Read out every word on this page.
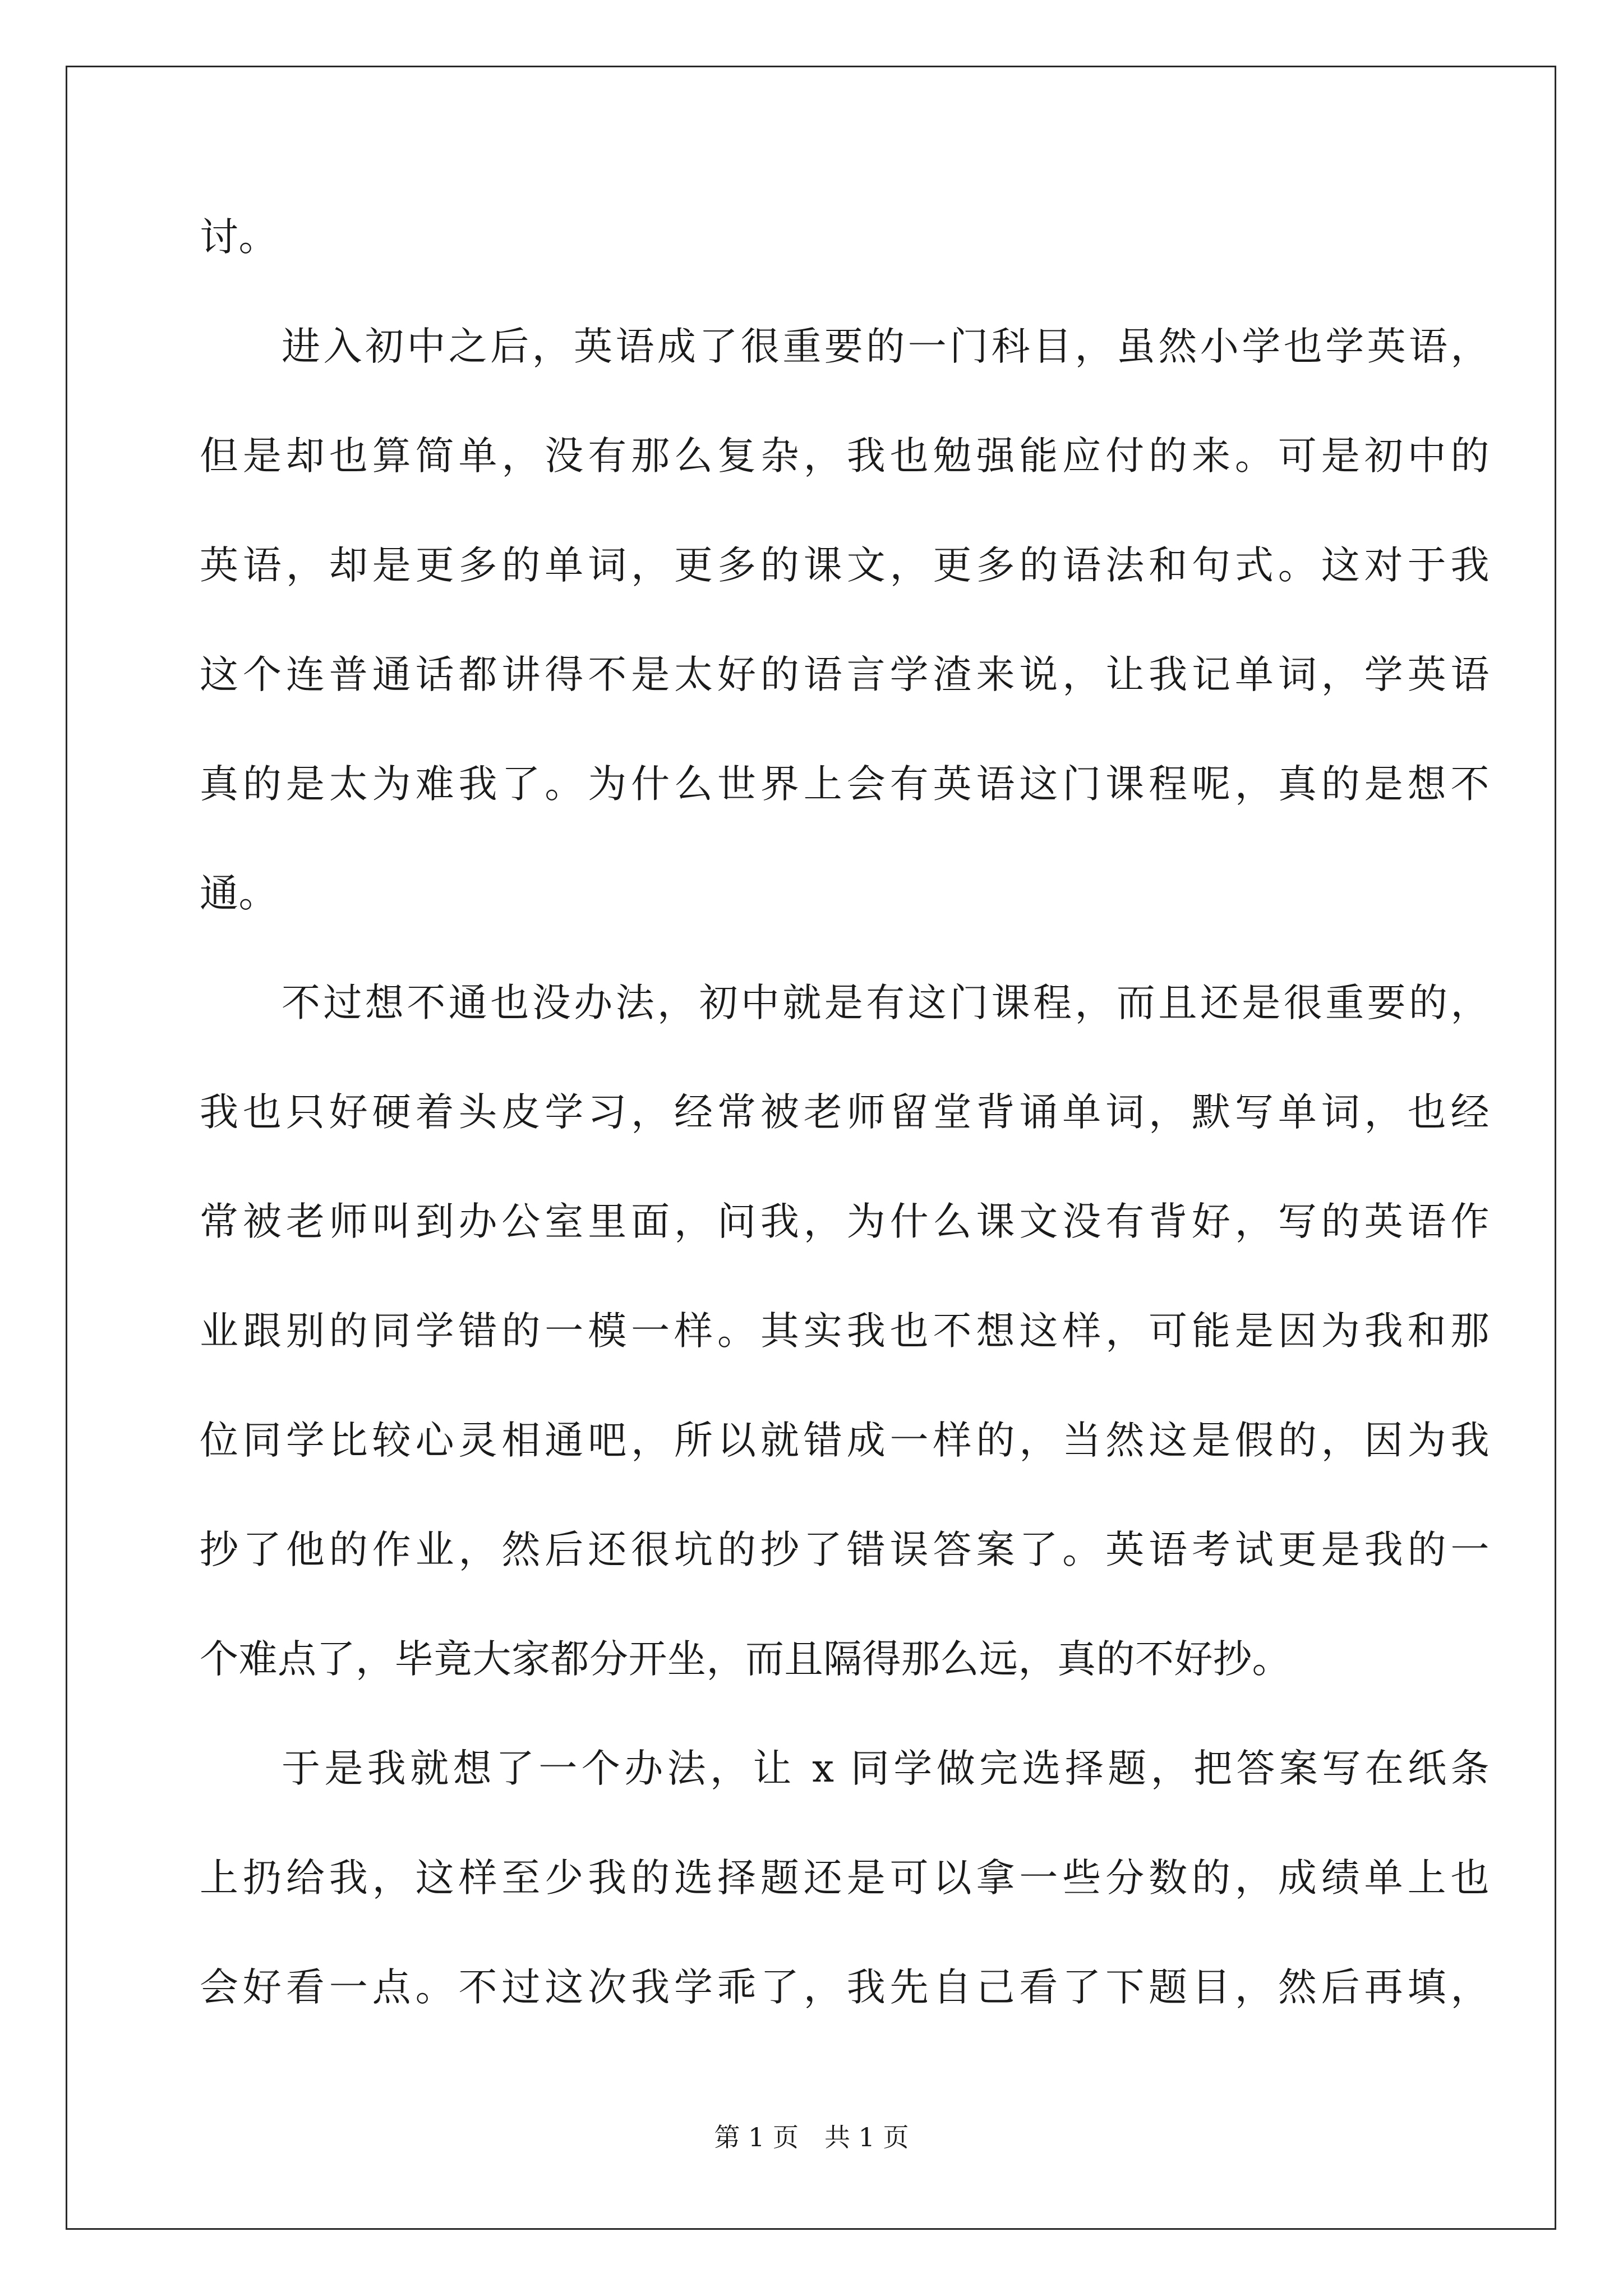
讨。
进入初中之后，英语成了很重要的一门科目，虽然小学也学英语，
但是却也算简单，没有那么复杂，我也勉强能应付的来。可是初中的
英语，却是更多的单词，更多的课文，更多的语法和句式。这对于我
这个连普通话都讲得不是太好的语言学渣来说，让我记单词，学英语
真的是太为难我了。为什么世界上会有英语这门课程呢，真的是想不
通。
不过想不通也没办法，初中就是有这门课程，而且还是很重要的，
我也只好硬着头皮学习，经常被老师留堂背诵单词，默写单词，也经
常被老师叫到办公室里面，问我，为什么课文没有背好，写的英语作
业跟别的同学错的一模一样。其实我也不想这样，可能是因为我和那
位同学比较心灵相通吧，所以就错成一样的，当然这是假的，因为我
抄了他的作业，然后还很坑的抄了错误答案了。英语考试更是我的一
个难点了，毕竟大家都分开坐，而且隔得那么远，真的不好抄。
于是我就想了一个办法，让 x 同学做完选择题，把答案写在纸条
上扔给我，这样至少我的选择题还是可以拿一些分数的，成绩单上也
会好看一点。不过这次我学乖了，我先自己看了下题目，然后再填，
第 1 页　共 1 页
